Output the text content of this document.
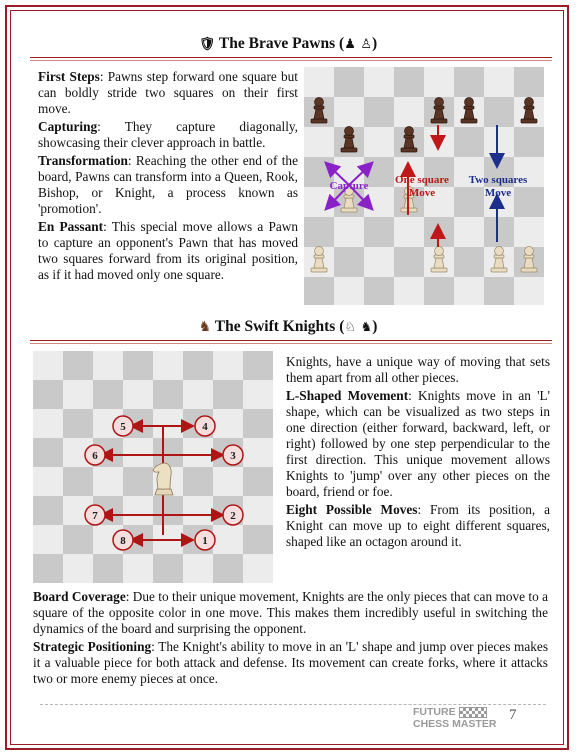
🛡 The Brave Pawns (♟ ♙)

First Steps: Pawns step forward one square but can boldly stride two squares on their first move.

Capturing: They capture diagonally, showcasing their clever approach in battle.

Transformation: Reaching the other end of the board, Pawns can transform into a Queen, Rook, Bishop, or Knight, a process known as 'promotion'.

En Passant: This special move allows a Pawn to capture an opponent's Pawn that has moved two squares forward from its original position, as if it had moved only one square.

Capture One square
Move
Two squares
Move
♞ The Swift Knights (♘ ♞)
1
2
3
4
5
6
7
8

Knights, have a unique way of moving that sets them apart from all other pieces.

L-Shaped Movement: Knights move in an 'L' shape, which can be visualized as two steps in one direction (either forward, backward, left, or right) followed by one step perpendicular to the first direction. This unique movement allows Knights to 'jump' over any other pieces on the board, friend or foe.

Eight Possible Moves: From its position, a Knight can move up to eight different squares, shaped like an octagon around it.

Board Coverage: Due to their unique movement, Knights are the only pieces that can move to a square of the opposite color in one move. This makes them incredibly useful in switching the dynamics of the board and surprising the opponent.

Strategic Positioning: The Knight's ability to move in an 'L' shape and jump over pieces makes it a valuable piece for both attack and defense. Its movement can create forks, where it attacks two or more enemy pieces at once.

FUTURE
CHESS MASTER
7
